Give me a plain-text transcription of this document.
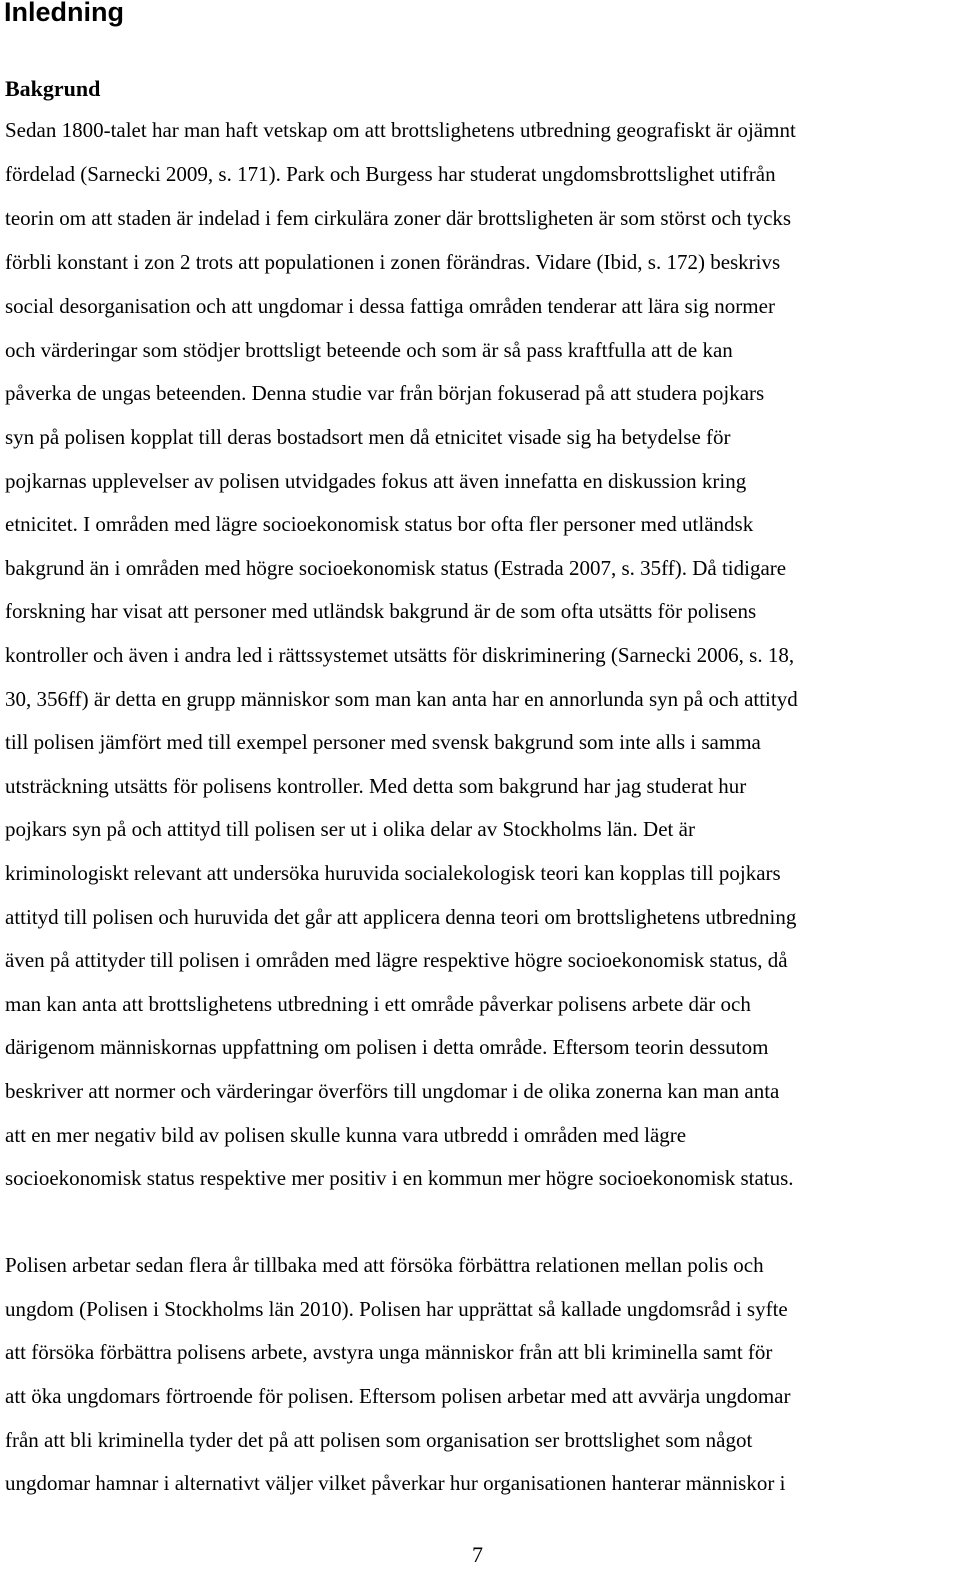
Inledning
Bakgrund

Sedan 1800-talet har man haft vetskap om att brottslighetens utbredning geografiskt är ojämnt

fördelad (Sarnecki 2009, s. 171). Park och Burgess har studerat ungdomsbrottslighet utifrån

teorin om att staden är indelad i fem cirkulära zoner där brottsligheten är som störst och tycks

förbli konstant i zon 2 trots att populationen i zonen förändras. Vidare (Ibid, s. 172) beskrivs

social desorganisation och att ungdomar i dessa fattiga områden tenderar att lära sig normer

och värderingar som stödjer brottsligt beteende och som är så pass kraftfulla att de kan

påverka de ungas beteenden. Denna studie var från början fokuserad på att studera pojkars

syn på polisen kopplat till deras bostadsort men då etnicitet visade sig ha betydelse för

pojkarnas upplevelser av polisen utvidgades fokus att även innefatta en diskussion kring

etnicitet. I områden med lägre socioekonomisk status bor ofta fler personer med utländsk

bakgrund än i områden med högre socioekonomisk status (Estrada 2007, s. 35ff). Då tidigare

forskning har visat att personer med utländsk bakgrund är de som ofta utsätts för polisens

kontroller och även i andra led i rättssystemet utsätts för diskriminering (Sarnecki 2006, s. 18,

30, 356ff) är detta en grupp människor som man kan anta har en annorlunda syn på och attityd

till polisen jämfört med till exempel personer med svensk bakgrund som inte alls i samma

utsträckning utsätts för polisens kontroller. Med detta som bakgrund har jag studerat hur

pojkars syn på och attityd till polisen ser ut i olika delar av Stockholms län. Det är

kriminologiskt relevant att undersöka huruvida socialekologisk teori kan kopplas till pojkars

attityd till polisen och huruvida det går att applicera denna teori om brottslighetens utbredning

även på attityder till polisen i områden med lägre respektive högre socioekonomisk status, då

man kan anta att brottslighetens utbredning i ett område påverkar polisens arbete där och

därigenom människornas uppfattning om polisen i detta område. Eftersom teorin dessutom

beskriver att normer och värderingar överförs till ungdomar i de olika zonerna kan man anta

att en mer negativ bild av polisen skulle kunna vara utbredd i områden med lägre

socioekonomisk status respektive mer positiv i en kommun mer högre socioekonomisk status.

Polisen arbetar sedan flera år tillbaka med att försöka förbättra relationen mellan polis och

ungdom (Polisen i Stockholms län 2010). Polisen har upprättat så kallade ungdomsråd i syfte

att försöka förbättra polisens arbete, avstyra unga människor från att bli kriminella samt för

att öka ungdomars förtroende för polisen. Eftersom polisen arbetar med att avvärja ungdomar

från att bli kriminella tyder det på att polisen som organisation ser brottslighet som något

ungdomar hamnar i alternativt väljer vilket påverkar hur organisationen hanterar människor i

7
